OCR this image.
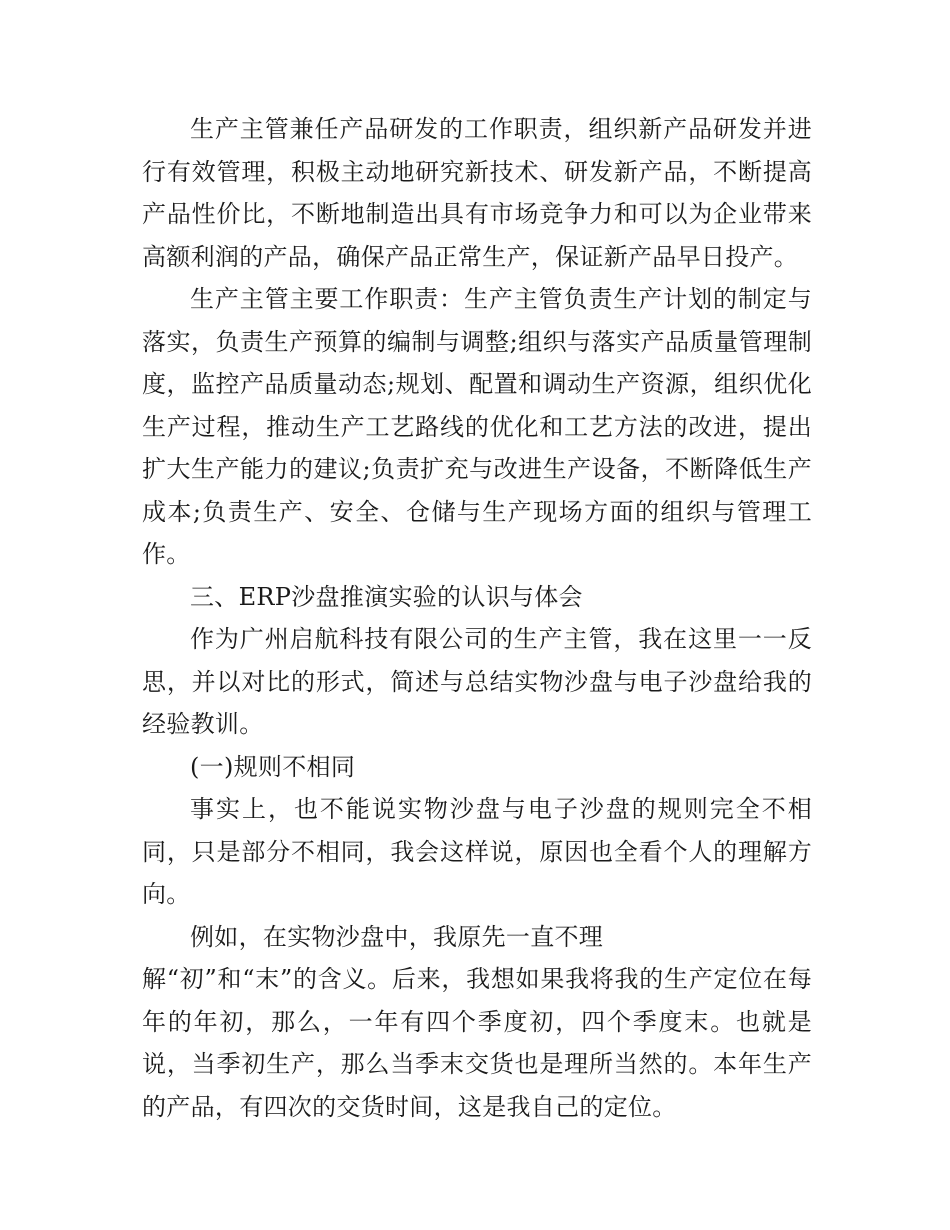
生产主管兼任产品研发的工作职责，组织新产品研发并进行有效管理，积极主动地研究新技术、研发新产品，不断提高产品性价比，不断地制造出具有市场竞争力和可以为企业带来高额利润的产品，确保产品正常生产，保证新产品早日投产。

生产主管主要工作职责：生产主管负责生产计划的制定与落实，负责生产预算的编制与调整;组织与落实产品质量管理制度，监控产品质量动态;规划、配置和调动生产资源，组织优化生产过程，推动生产工艺路线的优化和工艺方法的改进，提出扩大生产能力的建议;负责扩充与改进生产设备，不断降低生产成本;负责生产、安全、仓储与生产现场方面的组织与管理工作。

三、ERP沙盘推演实验的认识与体会

作为广州启航科技有限公司的生产主管，我在这里一一反思，并以对比的形式，简述与总结实物沙盘与电子沙盘给我的经验教训。

(一)规则不相同

事实上，也不能说实物沙盘与电子沙盘的规则完全不相同，只是部分不相同，我会这样说，原因也全看个人的理解方向。

例如，在实物沙盘中，我原先一直不理

解“初”和“末”的含义。后来，我想如果我将我的生产定位在每年的年初，那么，一年有四个季度初，四个季度末。也就是说，当季初生产，那么当季末交货也是理所当然的。本年生产的产品，有四次的交货时间，这是我自己的定位。
